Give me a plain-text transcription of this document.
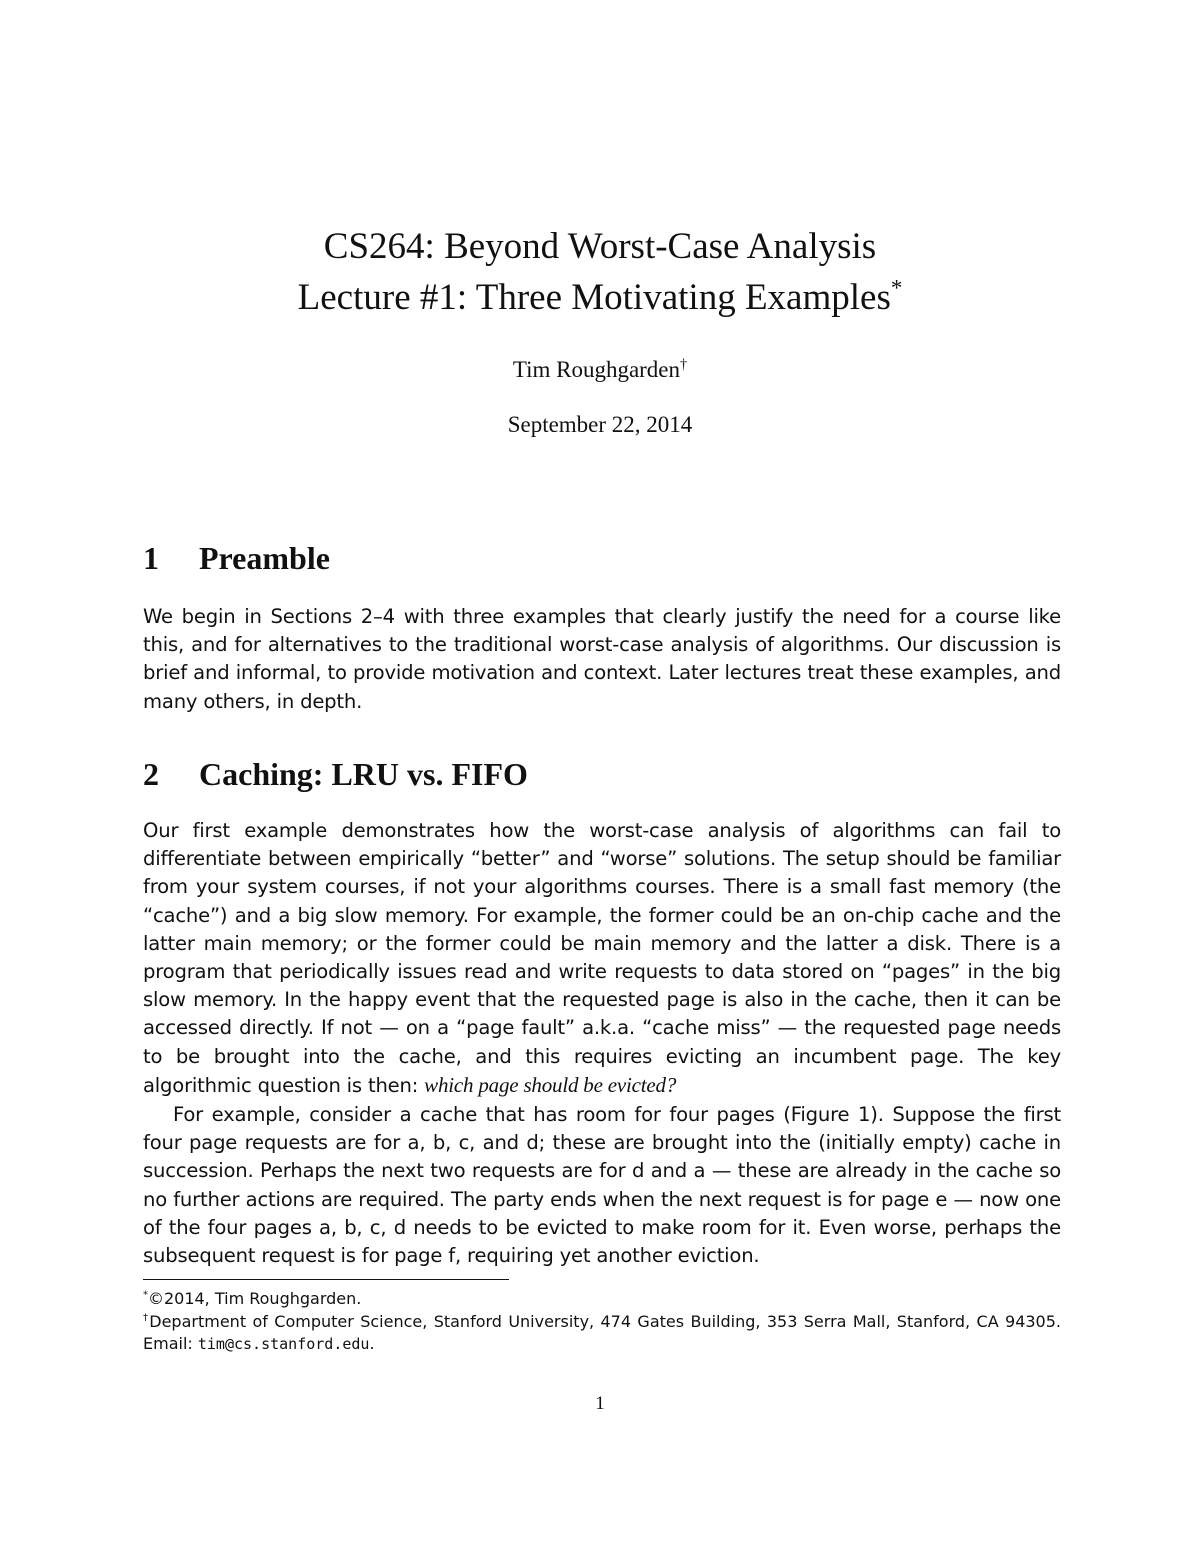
CS264: Beyond Worst-Case Analysis
Lecture #1: Three Motivating Examples*
Tim Roughgarden†
September 22, 2014
1 Preamble
We begin in Sections 2–4 with three examples that clearly justify the need for a course like this, and for alternatives to the traditional worst-case analysis of algorithms. Our discussion is brief and informal, to provide motivation and context. Later lectures treat these examples, and many others, in depth.
2 Caching: LRU vs. FIFO
Our first example demonstrates how the worst-case analysis of algorithms can fail to differentiate between empirically “better” and “worse” solutions. The setup should be familiar from your system courses, if not your algorithms courses. There is a small fast memory (the “cache”) and a big slow memory. For example, the former could be an on-chip cache and the latter main memory; or the former could be main memory and the latter a disk. There is a program that periodically issues read and write requests to data stored on “pages” in the big slow memory. In the happy event that the requested page is also in the cache, then it can be accessed directly. If not — on a “page fault” a.k.a. “cache miss” — the requested page needs to be brought into the cache, and this requires evicting an incumbent page. The key algorithmic question is then: which page should be evicted?
For example, consider a cache that has room for four pages (Figure 1). Suppose the first four page requests are for a, b, c, and d; these are brought into the (initially empty) cache in succession. Perhaps the next two requests are for d and a — these are already in the cache so no further actions are required. The party ends when the next request is for page e — now one of the four pages a, b, c, d needs to be evicted to make room for it. Even worse, perhaps the subsequent request is for page f, requiring yet another eviction.
*©2014, Tim Roughgarden.
†Department of Computer Science, Stanford University, 474 Gates Building, 353 Serra Mall, Stanford, CA 94305. Email: tim@cs.stanford.edu.
1
